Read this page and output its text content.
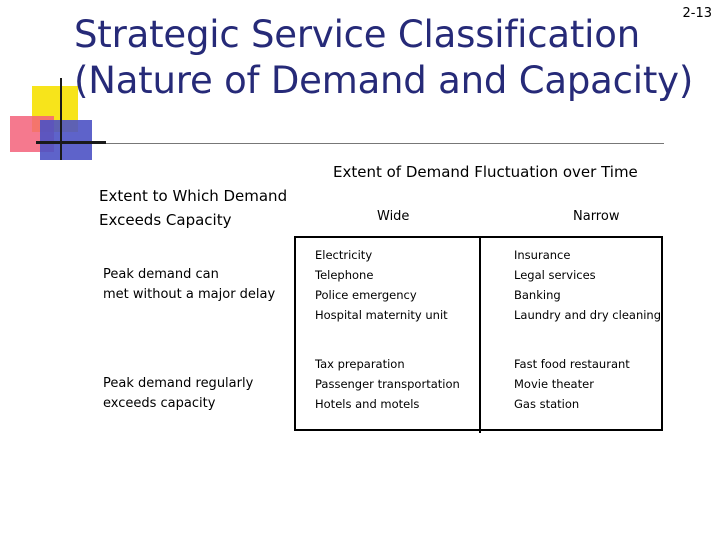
Strategic Service Classification
(Nature of Demand and Capacity)
2-13
Extent of Demand Fluctuation over Time
Extent to Which Demand
Exceeds Capacity	Wide	Narrow
Peak demand can
met without a major delay
Electricity
Telephone
Police emergency
Hospital maternity unit
Insurance
Legal services
Banking
Laundry and dry cleaning
Peak demand regularly
exceeds capacity
Tax preparation
Passenger transportation
Hotels and motels
Fast food restaurant
Movie theater
Gas station
